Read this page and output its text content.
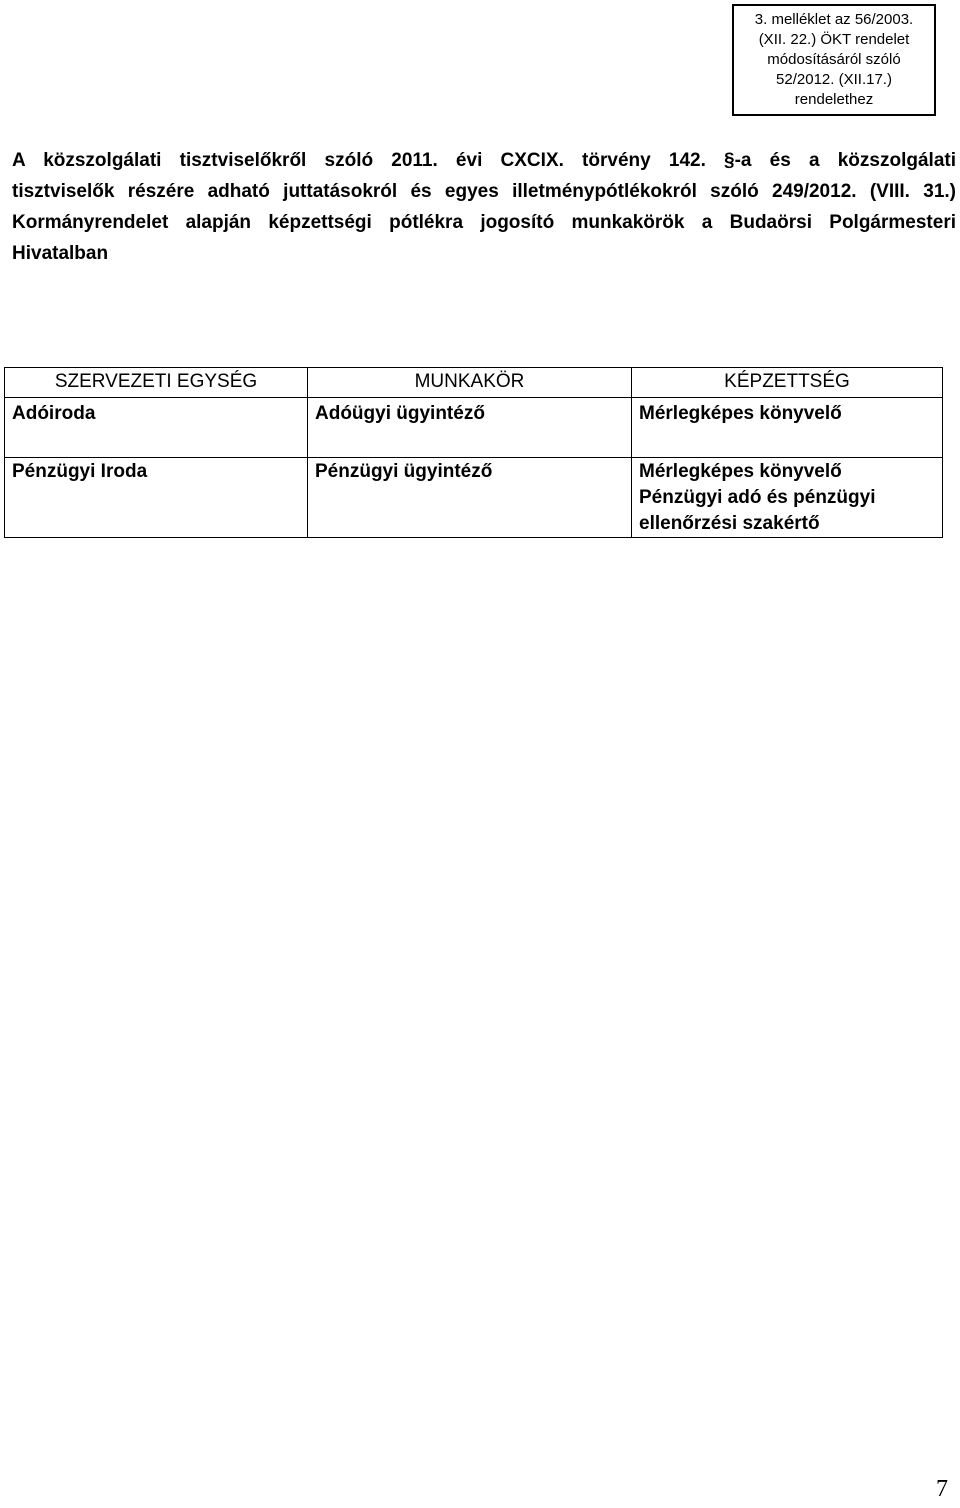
3. melléklet az 56/2003.
(XII. 22.) ÖKT rendelet
módosításáról szóló
52/2012. (XII.17.)
rendelethez

A közszolgálati tisztviselőkről szóló 2011. évi CXCIX. törvény 142. §-a és a közszolgálati
tisztviselők részére adható juttatásokról és egyes illetménypótlékokról szóló 249/2012. (VIII. 31.)
Kormányrendelet alapján képzettségi pótlékra jogosító munkakörök a Budaörsi Polgármesteri
Hivatalban

SZERVEZETI EGYSÉG	MUNKAKÖR	KÉPZETTSÉG
Adóiroda	Adóügyi ügyintéző	Mérlegképes könyvelő

Pénzügyi Iroda	Pénzügyi ügyintéző	Mérlegképes könyvelő
Pénzügyi adó és pénzügyi
ellenőrzési szakértő
7
